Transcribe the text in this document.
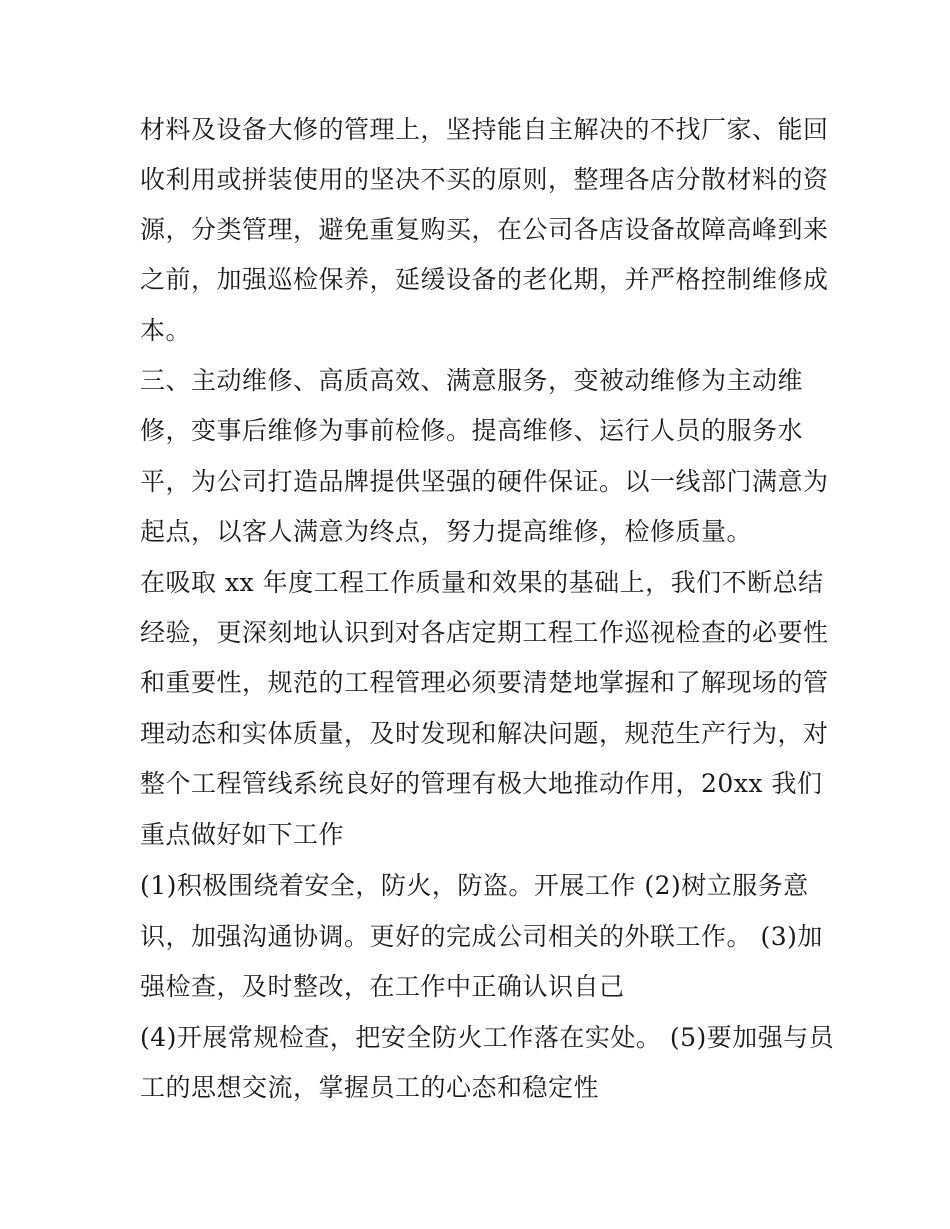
材料及设备大修的管理上，坚持能自主解决的不找厂家、能回
收利用或拼装使用的坚决不买的原则，整理各店分散材料的资
源，分类管理，避免重复购买，在公司各店设备故障高峰到来
之前，加强巡检保养，延缓设备的老化期，并严格控制维修成
本。
三、主动维修、高质高效、满意服务，变被动维修为主动维
修，变事后维修为事前检修。提高维修、运行人员的服务水
平，为公司打造品牌提供坚强的硬件保证。以一线部门满意为
起点，以客人满意为终点，努力提高维修，检修质量。
在吸取 xx 年度工程工作质量和效果的基础上，我们不断总结
经验，更深刻地认识到对各店定期工程工作巡视检查的必要性
和重要性，规范的工程管理必须要清楚地掌握和了解现场的管
理动态和实体质量，及时发现和解决问题，规范生产行为，对
整个工程管线系统良好的管理有极大地推动作用，20xx 我们
重点做好如下工作
(1)积极围绕着安全，防火，防盗。开展工作 (2)树立服务意
识，加强沟通协调。更好的完成公司相关的外联工作。 (3)加
强检查，及时整改，在工作中正确认识自己
(4)开展常规检查，把安全防火工作落在实处。 (5)要加强与员
工的思想交流，掌握员工的心态和稳定性
